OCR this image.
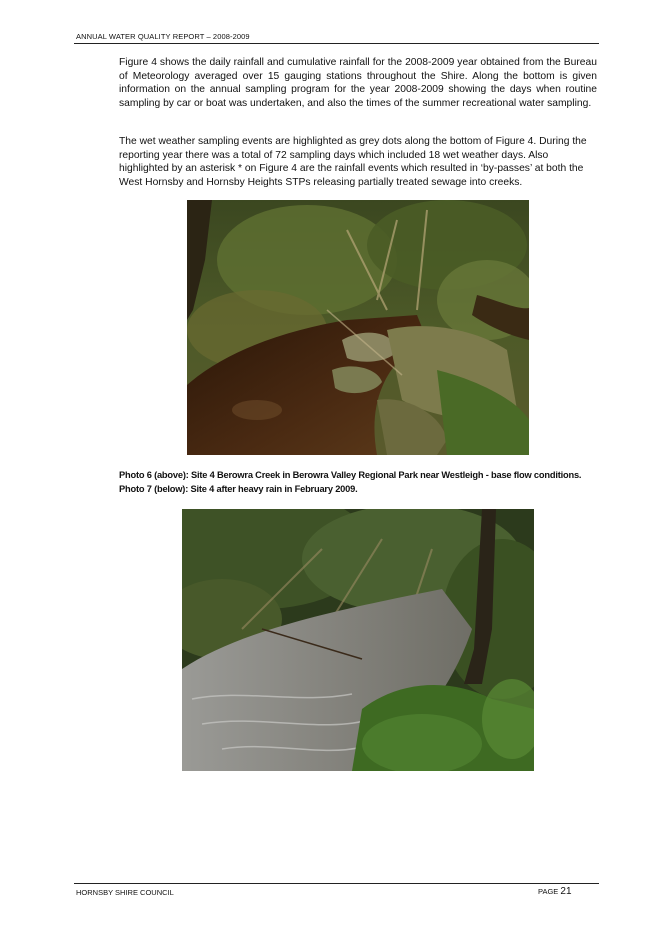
ANNUAL WATER QUALITY REPORT – 2008-2009

Figure 4 shows the daily rainfall and cumulative rainfall for the 2008-2009 year obtained from the Bureau of Meteorology averaged over 15 gauging stations throughout the Shire. Along the bottom is given information on the annual sampling program for the year 2008-2009 showing the days when routine sampling by car or boat was undertaken, and also the times of the summer recreational water sampling.

The wet weather sampling events are highlighted as grey dots along the bottom of Figure 4. During the reporting year there was a total of 72 sampling days which included 18 wet weather days. Also highlighted by an asterisk * on Figure 4 are the rainfall events which resulted in ‘by-passes’ at both the West Hornsby and Hornsby Heights STPs releasing partially treated sewage into creeks.

Photo 6 (above): Site 4 Berowra Creek in Berowra Valley Regional Park near Westleigh - base flow conditions.
Photo 7 (below): Site 4 after heavy rain in February 2009.
HORNSBY SHIRE COUNCIL	PAGE 21
